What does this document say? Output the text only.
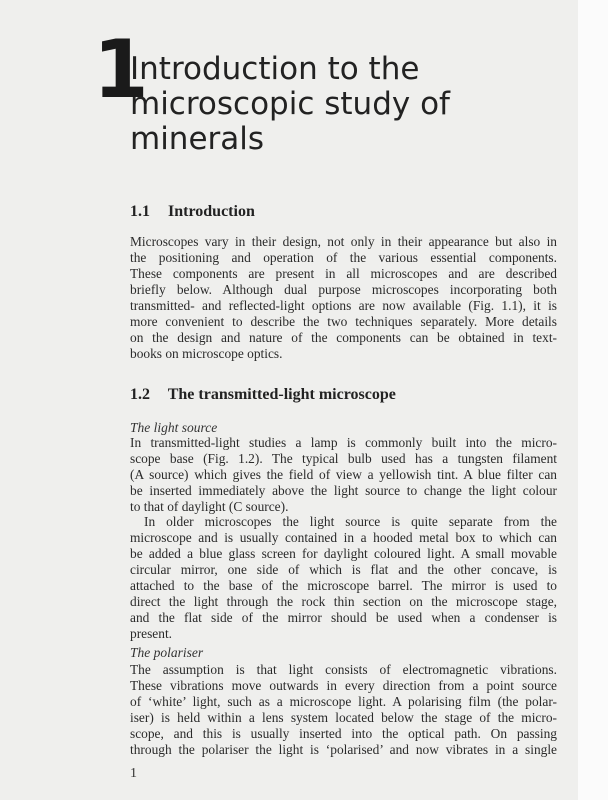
1
Introduction to the
microscopic study of
minerals
1.1 Introduction
Microscopes vary in their design, not only in their appearance but also in
the positioning and operation of the various essential components.
These components are present in all microscopes and are described
briefly below. Although dual purpose microscopes incorporating both
transmitted- and reflected-light options are now available (Fig. 1.1), it is
more convenient to describe the two techniques separately. More details
on the design and nature of the components can be obtained in text-
books on microscope optics.
1.2 The transmitted-light microscope
The light source
In transmitted-light studies a lamp is commonly built into the micro-
scope base (Fig. 1.2). The typical bulb used has a tungsten filament
(A source) which gives the field of view a yellowish tint. A blue filter can
be inserted immediately above the light source to change the light colour
to that of daylight (C source).
In older microscopes the light source is quite separate from the
microscope and is usually contained in a hooded metal box to which can
be added a blue glass screen for daylight coloured light. A small movable
circular mirror, one side of which is flat and the other concave, is
attached to the base of the microscope barrel. The mirror is used to
direct the light through the rock thin section on the microscope stage,
and the flat side of the mirror should be used when a condenser is
present.
The polariser
The assumption is that light consists of electromagnetic vibrations.
These vibrations move outwards in every direction from a point source
of ‘white’ light, such as a microscope light. A polarising film (the polar-
iser) is held within a lens system located below the stage of the micro-
scope, and this is usually inserted into the optical path. On passing
through the polariser the light is ‘polarised’ and now vibrates in a single
1
